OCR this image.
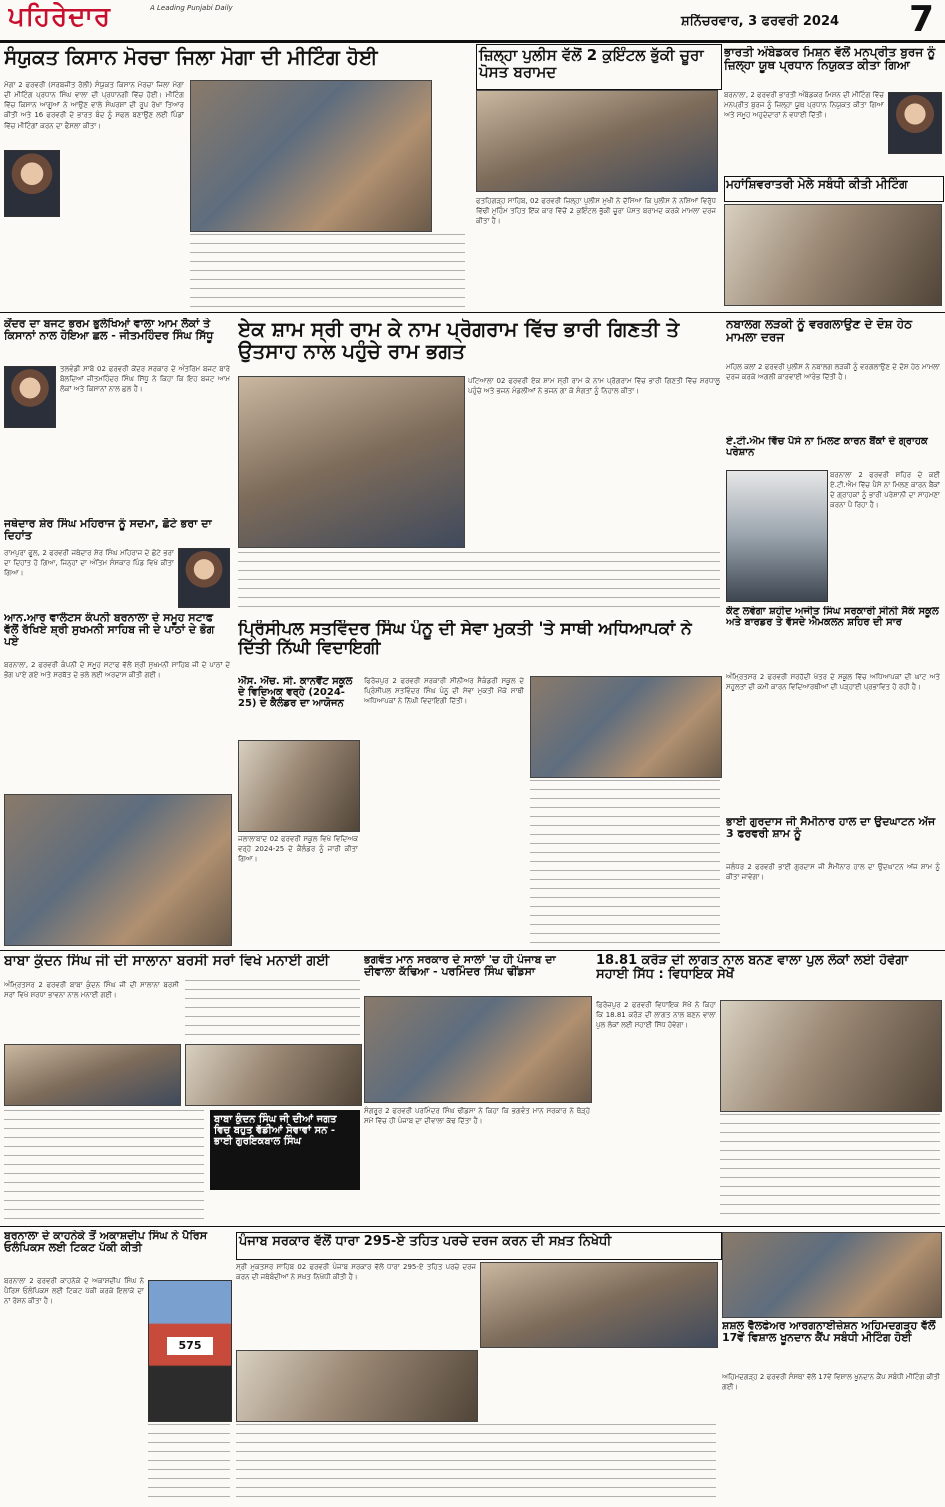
ਪਹਿਰੇਦਾਰ	A Leading Punjabi Daily
ਸ਼ਨਿੱਚਰਵਾਰ, 3 ਫਰਵਰੀ 2024	7
ਸੰਯੁਕਤ ਕਿਸਾਨ ਮੋਰਚਾ ਜਿਲਾ ਮੋਗਾ ਦੀ ਮੀਟਿੰਗ ਹੋਈ
ਮੋਗਾ 2 ਫਰਵਰੀ (ਸਰਬਜੀਤ ਰੋਲੀ) ਸੰਯੁਕਤ ਕਿਸਾਨ ਮੋਰਚਾ ਜਿਲਾ ਮੋਗਾ ਦੀ ਮੀਟਿੰਗ ਪ੍ਰਧਾਨ ਸਿੰਘ ਵਾਲਾ ਦੀ ਪ੍ਰਧਾਨਗੀ ਵਿੱਚ ਹੋਈ। ਮੀਟਿੰਗ ਵਿੱਚ ਕਿਸਾਨ ਆਗੂਆਂ ਨੇ ਆਉਣ ਵਾਲੇ ਸੰਘਰਸ਼ਾਂ ਦੀ ਰੂਪ ਰੇਖਾ ਤਿਆਰ ਕੀਤੀ ਅਤੇ 16 ਫਰਵਰੀ ਦੇ ਭਾਰਤ ਬੰਦ ਨੂੰ ਸਫਲ ਬਣਾਉਣ ਲਈ ਪਿੰਡਾਂ ਵਿੱਚ ਮੀਟਿੰਗਾਂ ਕਰਨ ਦਾ ਫੈਸਲਾ ਕੀਤਾ।
ਜ਼ਿਲ੍ਹਾ ਪੁਲੀਸ ਵੱਲੋਂ 2 ਕੁਇੰਟਲ ਭੁੱਕੀ ਚੂਰਾ ਪੋਸਤ ਬਰਾਮਦ
ਫਤਹਿਗੜ੍ਹ ਸਾਹਿਬ, 02 ਫਰਵਰੀ ਜ਼ਿਲ੍ਹਾ ਪੁਲੀਸ ਮੁਖੀ ਨੇ ਦੱਸਿਆ ਕਿ ਪੁਲੀਸ ਨੇ ਨਸ਼ਿਆਂ ਵਿਰੁੱਧ ਵਿੱਢੀ ਮੁਹਿੰਮ ਤਹਿਤ ਇੱਕ ਕਾਰ ਵਿੱਚੋਂ 2 ਕੁਇੰਟਲ ਭੁੱਕੀ ਚੂਰਾ ਪੋਸਤ ਬਰਾਮਦ ਕਰਕੇ ਮਾਮਲਾ ਦਰਜ ਕੀਤਾ ਹੈ।
ਭਾਰਤੀ ਅੰਬੇਡਕਰ ਮਿਸ਼ਨ ਵੱਲੋਂ ਮਨਪ੍ਰੀਤ ਬੁਰਜ ਨੂੰ ਜ਼ਿਲ੍ਹਾ ਯੂਥ ਪ੍ਰਧਾਨ ਨਿਯੁਕਤ ਕੀਤਾ ਗਿਆ
ਬਰਨਾਲਾ, 2 ਫਰਵਰੀ ਭਾਰਤੀ ਅੰਬੇਡਕਰ ਮਿਸ਼ਨ ਦੀ ਮੀਟਿੰਗ ਵਿੱਚ ਮਨਪ੍ਰੀਤ ਬੁਰਜ ਨੂੰ ਜ਼ਿਲ੍ਹਾ ਯੂਥ ਪ੍ਰਧਾਨ ਨਿਯੁਕਤ ਕੀਤਾ ਗਿਆ ਅਤੇ ਸਮੂਹ ਅਹੁਦੇਦਾਰਾਂ ਨੇ ਵਧਾਈ ਦਿੱਤੀ।
ਮਹਾਂਸ਼ਿਵਰਾਤਰੀ ਮੇਲੇ ਸਬੰਧੀ ਕੀਤੀ ਮੀਟਿੰਗ
ਕੇਂਦਰ ਦਾ ਬਜਟ ਭਰਮ ਭੁਲੇਖਿਆਂ ਵਾਲਾ ਆਮ ਲੋਕਾਂ ਤੇ ਕਿਸਾਨਾਂ ਨਾਲ ਹੋਇਆ ਛਲ - ਜੀਤਮਹਿੰਦਰ ਸਿੰਘ ਸਿੱਧੂ
ਤਲਵੰਡੀ ਸਾਬੋ 02 ਫਰਵਰੀ ਕੇਂਦਰ ਸਰਕਾਰ ਦੇ ਅੰਤਰਿਮ ਬਜਟ ਬਾਰੇ ਬੋਲਦਿਆਂ ਜੀਤਮਹਿੰਦਰ ਸਿੰਘ ਸਿੱਧੂ ਨੇ ਕਿਹਾ ਕਿ ਇਹ ਬਜਟ ਆਮ ਲੋਕਾਂ ਅਤੇ ਕਿਸਾਨਾਂ ਨਾਲ ਛਲ ਹੈ।
ਜਥੇਦਾਰ ਸ਼ੇਰ ਸਿੰਘ ਮਹਿਰਾਜ ਨੂੰ ਸਦਮਾ, ਛੋਟੇ ਭਰਾ ਦਾ ਦਿਹਾਂਤ
ਰਾਮਪੁਰਾ ਫੂਲ, 2 ਫਰਵਰੀ ਜਥੇਦਾਰ ਸ਼ੇਰ ਸਿੰਘ ਮਹਿਰਾਜ ਦੇ ਛੋਟੇ ਭਰਾ ਦਾ ਦਿਹਾਂਤ ਹੋ ਗਿਆ, ਜਿਨ੍ਹਾਂ ਦਾ ਅੰਤਿਮ ਸੰਸਕਾਰ ਪਿੰਡ ਵਿਖੇ ਕੀਤਾ ਗਿਆ।
ਆਨ.ਆਰ ਵਾਲੰਟਸ ਕੰਪਨੀ ਬਰਨਾਲਾ ਦੇ ਸਮੂਹ ਸਟਾਫ ਵੱਲੋਂ ਰੱਖਿਏ ਸ਼੍ਰੀ ਸੁਖਮਨੀ ਸਾਹਿਬ ਜੀ ਦੇ ਪਾਠਾਂ ਦੇ ਭੋਗ ਪਏ
ਬਰਨਾਲਾ, 2 ਫਰਵਰੀ ਕੰਪਨੀ ਦੇ ਸਮੂਹ ਸਟਾਫ ਵੱਲੋਂ ਸ਼੍ਰੀ ਸੁਖਮਨੀ ਸਾਹਿਬ ਜੀ ਦੇ ਪਾਠਾਂ ਦੇ ਭੋਗ ਪਾਏ ਗਏ ਅਤੇ ਸਰਬੱਤ ਦੇ ਭਲੇ ਲਈ ਅਰਦਾਸ ਕੀਤੀ ਗਈ।
ਏਕ ਸ਼ਾਮ ਸ੍ਰੀ ਰਾਮ ਕੇ ਨਾਮ ਪ੍ਰੋਗਰਾਮ ਵਿੱਚ ਭਾਰੀ ਗਿਣਤੀ ਤੇ ਉਤਸਾਹ ਨਾਲ ਪਹੁੰਚੇ ਰਾਮ ਭਗਤ
ਪਟਿਆਲਾ 02 ਫਰਵਰੀ ਏਕ ਸ਼ਾਮ ਸ੍ਰੀ ਰਾਮ ਕੇ ਨਾਮ ਪ੍ਰੋਗਰਾਮ ਵਿੱਚ ਭਾਰੀ ਗਿਣਤੀ ਵਿੱਚ ਸ਼ਰਧਾਲੂ ਪਹੁੰਚੇ ਅਤੇ ਭਜਨ ਮੰਡਲੀਆਂ ਨੇ ਭਜਨ ਗਾ ਕੇ ਸੰਗਤਾਂ ਨੂੰ ਨਿਹਾਲ ਕੀਤਾ।
ਨਬਾਲਗ ਲੜਕੀ ਨੂੰ ਵਰਗਲਾਉਣ ਦੇ ਦੋਸ਼ ਹੇਠ ਮਾਮਲਾ ਦਰਜ
ਮਹਿਲ ਕਲਾਂ 2 ਫਰਵਰੀ ਪੁਲੀਸ ਨੇ ਨਬਾਲਗ ਲੜਕੀ ਨੂੰ ਵਰਗਲਾਉਣ ਦੇ ਦੋਸ਼ ਹੇਠ ਮਾਮਲਾ ਦਰਜ ਕਰਕੇ ਅਗਲੀ ਕਾਰਵਾਈ ਆਰੰਭ ਦਿੱਤੀ ਹੈ।
ਏ.ਟੀ.ਐਮ ਵਿੱਚ ਪੈਸੇ ਨਾ ਮਿਲਣ ਕਾਰਨ ਬੈਂਕਾਂ ਦੇ ਗ੍ਰਾਹਕ ਪਰੇਸ਼ਾਨ
ਬਰਨਾਲਾ 2 ਫਰਵਰੀ ਸ਼ਹਿਰ ਦੇ ਕਈ ਏ.ਟੀ.ਐਮ ਵਿੱਚ ਪੈਸੇ ਨਾ ਮਿਲਣ ਕਾਰਨ ਬੈਂਕਾਂ ਦੇ ਗ੍ਰਾਹਕਾਂ ਨੂੰ ਭਾਰੀ ਪਰੇਸ਼ਾਨੀ ਦਾ ਸਾਹਮਣਾ ਕਰਨਾ ਪੈ ਰਿਹਾ ਹੈ।
ਪ੍ਰਿੰਸੀਪਲ ਸਤਵਿੰਦਰ ਸਿੰਘ ਪੰਨੂ ਦੀ ਸੇਵਾ ਮੁਕਤੀ 'ਤੇ ਸਾਥੀ ਅਧਿਆਪਕਾਂ ਨੇ ਦਿੱਤੀ ਨਿੱਘੀ ਵਿਦਾਇਗੀ
ਐੱਸ. ਐੱਚ. ਸੀ. ਕਾਨਵੈਂਟ ਸਕੂਲ ਦੇ ਵਿਦਿਅਕ ਵਰ੍ਹੇ (2024-25) ਦੇ ਕੈਲੰਡਰ ਦਾ ਆਯੋਜਨ
ਜਲਾਲਾਬਾਦ 02 ਫਰਵਰੀ ਸਕੂਲ ਵਿਖੇ ਵਿਦਿਅਕ ਵਰ੍ਹੇ 2024-25 ਦੇ ਕੈਲੰਡਰ ਨੂੰ ਜਾਰੀ ਕੀਤਾ ਗਿਆ।
ਫਿਰੋਜ਼ਪੁਰ 2 ਫਰਵਰੀ ਸਰਕਾਰੀ ਸੀਨੀਅਰ ਸੈਕੰਡਰੀ ਸਕੂਲ ਦੇ ਪ੍ਰਿੰਸੀਪਲ ਸਤਵਿੰਦਰ ਸਿੰਘ ਪੰਨੂ ਦੀ ਸੇਵਾ ਮੁਕਤੀ ਮੌਕੇ ਸਾਥੀ ਅਧਿਆਪਕਾਂ ਨੇ ਨਿੱਘੀ ਵਿਦਾਇਗੀ ਦਿੱਤੀ।
ਕੌਣ ਲਵੇਗਾ ਸ਼ਹੀਦ ਅਜੀਤ ਸਿੰਘ ਸਰਕਾਰੀ ਸੀਨੀ ਸੈਕੰ ਸਕੂਲ ਅਤੇ ਬਾਰਡਰ ਤੇ ਵੱਸਦੇ ਐਮਕਲਨ ਸ਼ਹਿਰ ਦੀ ਸਾਰ
ਅੰਮ੍ਰਿਤਸਰ 2 ਫਰਵਰੀ ਸਰਹੱਦੀ ਖੇਤਰ ਦੇ ਸਕੂਲ ਵਿੱਚ ਅਧਿਆਪਕਾਂ ਦੀ ਘਾਟ ਅਤੇ ਸਹੂਲਤਾਂ ਦੀ ਕਮੀ ਕਾਰਨ ਵਿਦਿਆਰਥੀਆਂ ਦੀ ਪੜ੍ਹਾਈ ਪ੍ਰਭਾਵਿਤ ਹੋ ਰਹੀ ਹੈ।
ਭਾਈ ਗੁਰਦਾਸ ਜੀ ਸੈਮੀਨਾਰ ਹਾਲ ਦਾ ਉਦਘਾਟਨ ਅੱਜ 3 ਫਰਵਰੀ ਸ਼ਾਮ ਨੂੰ
ਜਲੰਧਰ 2 ਫਰਵਰੀ ਭਾਈ ਗੁਰਦਾਸ ਜੀ ਸੈਮੀਨਾਰ ਹਾਲ ਦਾ ਉਦਘਾਟਨ ਅੱਜ ਸ਼ਾਮ ਨੂੰ ਕੀਤਾ ਜਾਵੇਗਾ।
ਬਾਬਾ ਕੁੰਦਨ ਸਿੰਘ ਜੀ ਦੀ ਸਾਲਾਨਾ ਬਰਸੀ ਸਰਾਂ ਵਿਖੇ ਮਨਾਈ ਗਈ
ਅੰਮ੍ਰਿਤਸਰ 2 ਫਰਵਰੀ ਬਾਬਾ ਕੁੰਦਨ ਸਿੰਘ ਜੀ ਦੀ ਸਾਲਾਨਾ ਬਰਸੀ ਸਰਾਂ ਵਿਖੇ ਸ਼ਰਧਾ ਭਾਵਨਾ ਨਾਲ ਮਨਾਈ ਗਈ।
ਬਾਬਾ ਕੁੰਦਨ ਸਿੰਘ ਜੀ ਦੀਆਂ ਜਗਤ ਵਿਚ ਬਹੁਤ ਵੱਡੀਆਂ ਸੇਵਾਵਾਂ ਸਨ - ਭਾਈ ਗੁਰਇਕਬਾਲ ਸਿੰਘ
ਭਗਵੰਤ ਮਾਨ ਸਰਕਾਰ ਦੇ ਸਾਲਾਂ 'ਚ ਹੀ ਪੰਜਾਬ ਦਾ ਦੀਵਾਲਾ ਕੱਢਿਆ - ਪਰਮਿੰਦਰ ਸਿੰਘ ਢੀਂਡਸਾ
ਸੰਗਰੂਰ 2 ਫਰਵਰੀ ਪਰਮਿੰਦਰ ਸਿੰਘ ਢੀਂਡਸਾ ਨੇ ਕਿਹਾ ਕਿ ਭਗਵੰਤ ਮਾਨ ਸਰਕਾਰ ਨੇ ਥੋੜ੍ਹੇ ਸਮੇਂ ਵਿੱਚ ਹੀ ਪੰਜਾਬ ਦਾ ਦੀਵਾਲਾ ਕੱਢ ਦਿੱਤਾ ਹੈ।
18.81 ਕਰੋੜ ਦੀ ਲਾਗਤ ਨਾਲ ਬਨਣ ਵਾਲਾ ਪੁਲ ਲੋਕਾਂ ਲਈ ਹੋਵੇਗਾ ਸਹਾਈ ਸਿੱਧ : ਵਿਧਾਇਕ ਸੇਖੋਂ
ਫ਼ਿਰੋਜ਼ਪੁਰ 2 ਫਰਵਰੀ ਵਿਧਾਇਕ ਸੇਖੋਂ ਨੇ ਕਿਹਾ ਕਿ 18.81 ਕਰੋੜ ਦੀ ਲਾਗਤ ਨਾਲ ਬਣਨ ਵਾਲਾ ਪੁਲ ਲੋਕਾਂ ਲਈ ਸਹਾਈ ਸਿੱਧ ਹੋਵੇਗਾ।
ਬਰਨਾਲਾ ਦੇ ਕਾਹਨੇਕੇ ਤੋਂ ਅਕਾਸ਼ਦੀਪ ਸਿੰਘ ਨੇ ਪੈਰਿਸ ਓਲੰਪਿਕਸ ਲਈ ਟਿਕਟ ਪੱਕੀ ਕੀਤੀ
ਬਰਨਾਲਾ 2 ਫਰਵਰੀ ਕਾਹਨੇਕੇ ਦੇ ਅਕਾਸ਼ਦੀਪ ਸਿੰਘ ਨੇ ਪੈਰਿਸ ਓਲੰਪਿਕਸ ਲਈ ਟਿਕਟ ਪੱਕੀ ਕਰਕੇ ਇਲਾਕੇ ਦਾ ਨਾਂ ਰੋਸ਼ਨ ਕੀਤਾ ਹੈ।
575
ਪੰਜਾਬ ਸਰਕਾਰ ਵੱਲੋਂ ਧਾਰਾ 295-ਏ ਤਹਿਤ ਪਰਚੇ ਦਰਜ ਕਰਨ ਦੀ ਸਖ਼ਤ ਨਿਖੇਧੀ
ਸ੍ਰੀ ਮੁਕਤਸਰ ਸਾਹਿਬ 02 ਫਰਵਰੀ ਪੰਜਾਬ ਸਰਕਾਰ ਵੱਲੋਂ ਧਾਰਾ 295-ਏ ਤਹਿਤ ਪਰਚੇ ਦਰਜ ਕਰਨ ਦੀ ਜਥੇਬੰਦੀਆਂ ਨੇ ਸਖ਼ਤ ਨਿਖੇਧੀ ਕੀਤੀ ਹੈ।
ਸ਼ਸ਼ਲ ਵੈਲਫੇਅਰ ਆਰਗਨਾਈਜ਼ੇਸ਼ਨ ਅਹਿਮਦਗੜ੍ਹ ਵੱਲੋਂ 17ਵੇਂ ਵਿਸ਼ਾਲ ਖੂਨਦਾਨ ਕੈਂਪ ਸਬੰਧੀ ਮੀਟਿੰਗ ਹੋਈ
ਅਹਿਮਦਗੜ੍ਹ 2 ਫਰਵਰੀ ਸੰਸਥਾ ਵੱਲੋਂ 17ਵੇਂ ਵਿਸ਼ਾਲ ਖੂਨਦਾਨ ਕੈਂਪ ਸਬੰਧੀ ਮੀਟਿੰਗ ਕੀਤੀ ਗਈ।
